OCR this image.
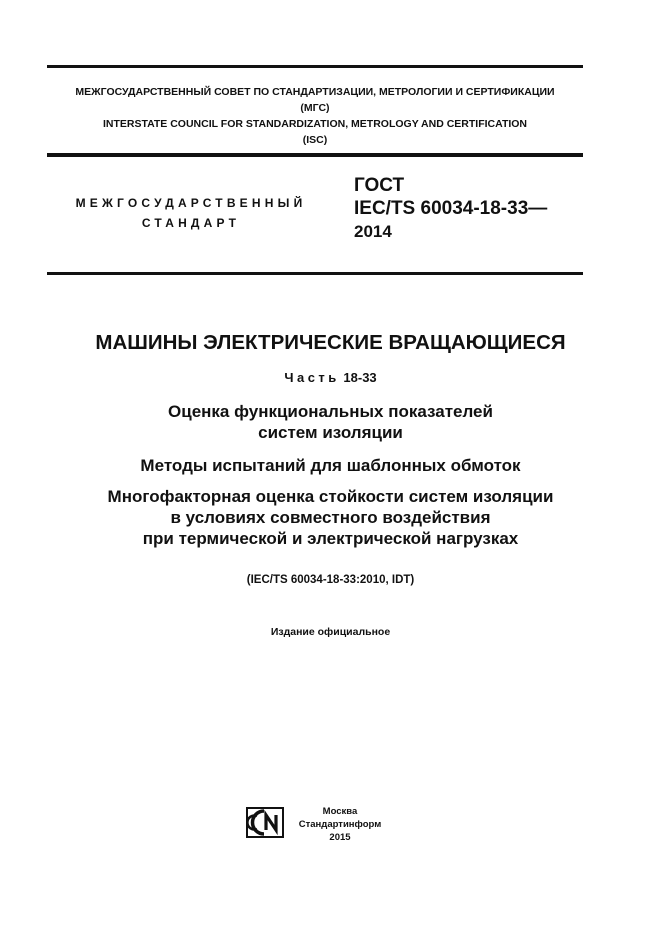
МЕЖГОСУДАРСТВЕННЫЙ СОВЕТ ПО СТАНДАРТИЗАЦИИ, МЕТРОЛОГИИ И СЕРТИФИКАЦИИ
(МГС)
INTERSTATE COUNCIL FOR STANDARDIZATION, METROLOGY AND CERTIFICATION
(ISC)
МЕЖГОСУДАРСТВЕННЫЙ
СТАНДАРТ
ГОСТ
IEC/TS 60034-18-33—
2014
МАШИНЫ ЭЛЕКТРИЧЕСКИЕ ВРАЩАЮЩИЕСЯ
Часть 18-33
Оценка функциональных показателей
систем изоляции
Методы испытаний для шаблонных обмоток
Многофакторная оценка стойкости систем изоляции
в условиях совместного воздействия
при термической и электрической нагрузках
(IEC/TS 60034-18-33:2010, IDT)
Издание официальное
Москва
Стандартинформ
2015
